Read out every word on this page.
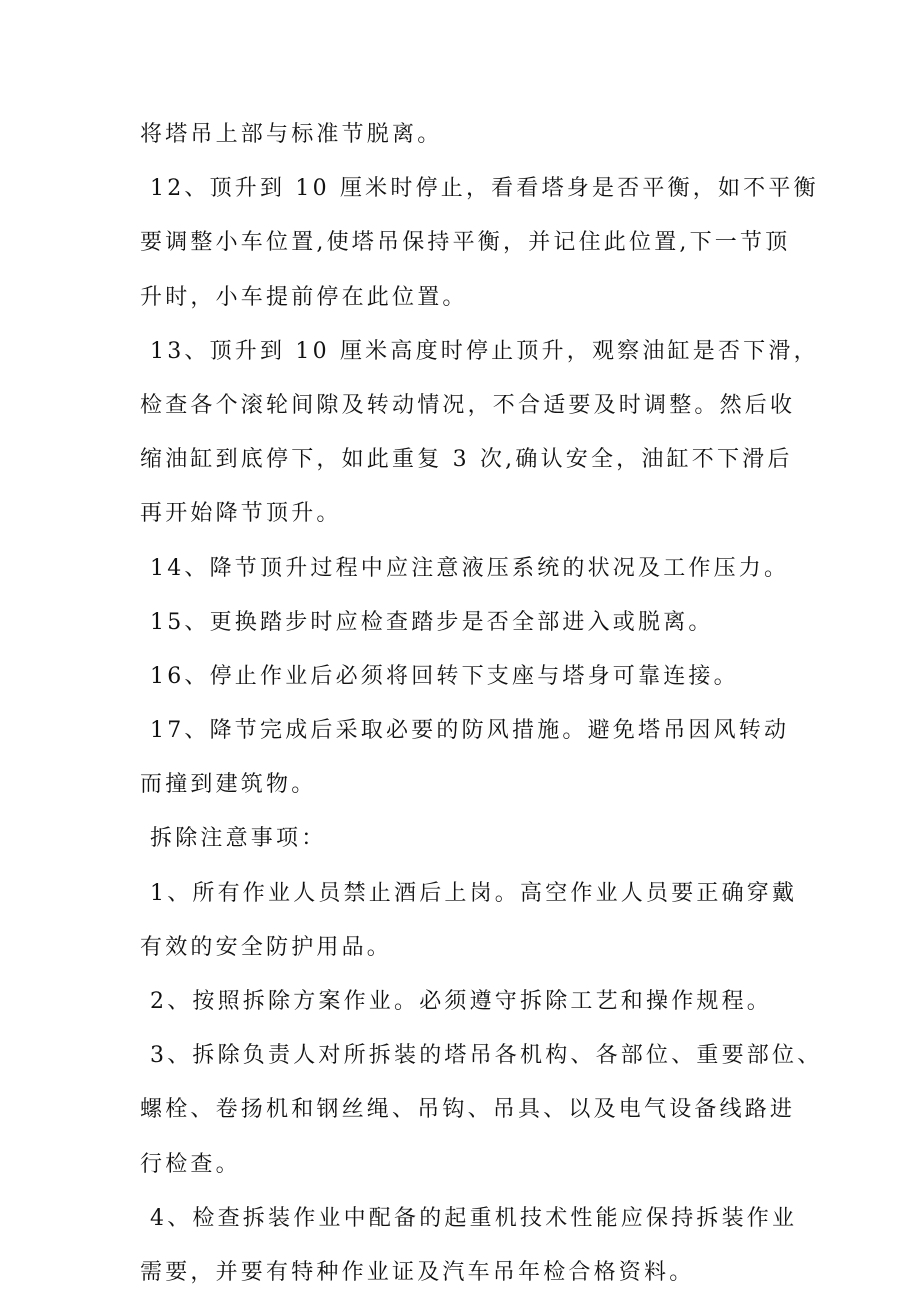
将塔吊上部与标准节脱离。
12、顶升到 10 厘米时停止，看看塔身是否平衡，如不平衡
要调整小车位置,使塔吊保持平衡，并记住此位置,下一节顶
升时，小车提前停在此位置。
13、顶升到 10 厘米高度时停止顶升，观察油缸是否下滑，
检查各个滚轮间隙及转动情况，不合适要及时调整。然后收
缩油缸到底停下，如此重复 3 次,确认安全，油缸不下滑后
再开始降节顶升。
14、降节顶升过程中应注意液压系统的状况及工作压力。
15、更换踏步时应检查踏步是否全部进入或脱离。
16、停止作业后必须将回转下支座与塔身可靠连接。
17、降节完成后采取必要的防风措施。避免塔吊因风转动
而撞到建筑物。
拆除注意事项：
1、所有作业人员禁止酒后上岗。高空作业人员要正确穿戴
有效的安全防护用品。
2、按照拆除方案作业。必须遵守拆除工艺和操作规程。
3、拆除负责人对所拆装的塔吊各机构、各部位、重要部位、
螺栓、卷扬机和钢丝绳、吊钩、吊具、以及电气设备线路进
行检查。
4、检查拆装作业中配备的起重机技术性能应保持拆装作业
需要，并要有特种作业证及汽车吊年检合格资料。
